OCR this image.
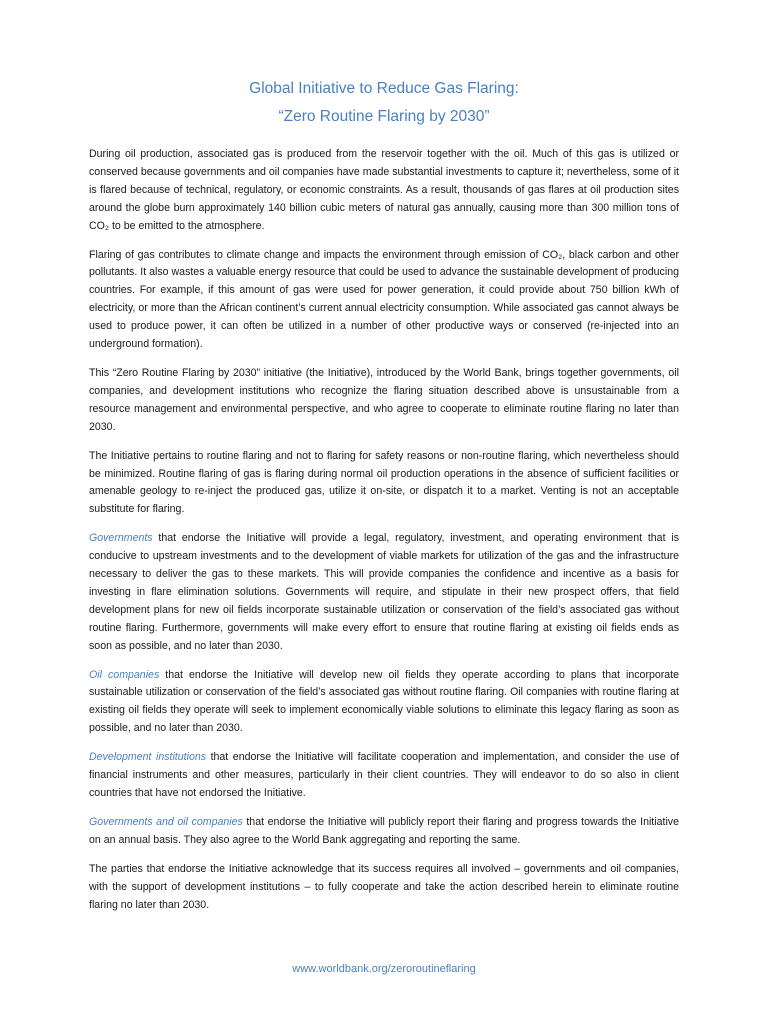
Global Initiative to Reduce Gas Flaring:
“Zero Routine Flaring by 2030”

During oil production, associated gas is produced from the reservoir together with the oil. Much of this gas is utilized or conserved because governments and oil companies have made substantial investments to capture it; nevertheless, some of it is flared because of technical, regulatory, or economic constraints. As a result, thousands of gas flares at oil production sites around the globe burn approximately 140 billion cubic meters of natural gas annually, causing more than 300 million tons of CO₂ to be emitted to the atmosphere.

Flaring of gas contributes to climate change and impacts the environment through emission of CO₂, black carbon and other pollutants. It also wastes a valuable energy resource that could be used to advance the sustainable development of producing countries. For example, if this amount of gas were used for power generation, it could provide about 750 billion kWh of electricity, or more than the African continent’s current annual electricity consumption. While associated gas cannot always be used to produce power, it can often be utilized in a number of other productive ways or conserved (re-injected into an underground formation).

This “Zero Routine Flaring by 2030” initiative (the Initiative), introduced by the World Bank, brings together governments, oil companies, and development institutions who recognize the flaring situation described above is unsustainable from a resource management and environmental perspective, and who agree to cooperate to eliminate routine flaring no later than 2030.

The Initiative pertains to routine flaring and not to flaring for safety reasons or non-routine flaring, which nevertheless should be minimized. Routine flaring of gas is flaring during normal oil production operations in the absence of sufficient facilities or amenable geology to re-inject the produced gas, utilize it on-site, or dispatch it to a market. Venting is not an acceptable substitute for flaring.

Governments that endorse the Initiative will provide a legal, regulatory, investment, and operating environment that is conducive to upstream investments and to the development of viable markets for utilization of the gas and the infrastructure necessary to deliver the gas to these markets. This will provide companies the confidence and incentive as a basis for investing in flare elimination solutions. Governments will require, and stipulate in their new prospect offers, that field development plans for new oil fields incorporate sustainable utilization or conservation of the field’s associated gas without routine flaring. Furthermore, governments will make every effort to ensure that routine flaring at existing oil fields ends as soon as possible, and no later than 2030.

Oil companies that endorse the Initiative will develop new oil fields they operate according to plans that incorporate sustainable utilization or conservation of the field’s associated gas without routine flaring. Oil companies with routine flaring at existing oil fields they operate will seek to implement economically viable solutions to eliminate this legacy flaring as soon as possible, and no later than 2030.

Development institutions that endorse the Initiative will facilitate cooperation and implementation, and consider the use of financial instruments and other measures, particularly in their client countries. They will endeavor to do so also in client countries that have not endorsed the Initiative.

Governments and oil companies that endorse the Initiative will publicly report their flaring and progress towards the Initiative on an annual basis. They also agree to the World Bank aggregating and reporting the same.

The parties that endorse the Initiative acknowledge that its success requires all involved – governments and oil companies, with the support of development institutions – to fully cooperate and take the action described herein to eliminate routine flaring no later than 2030.

www.worldbank.org/zeroroutineflaring
